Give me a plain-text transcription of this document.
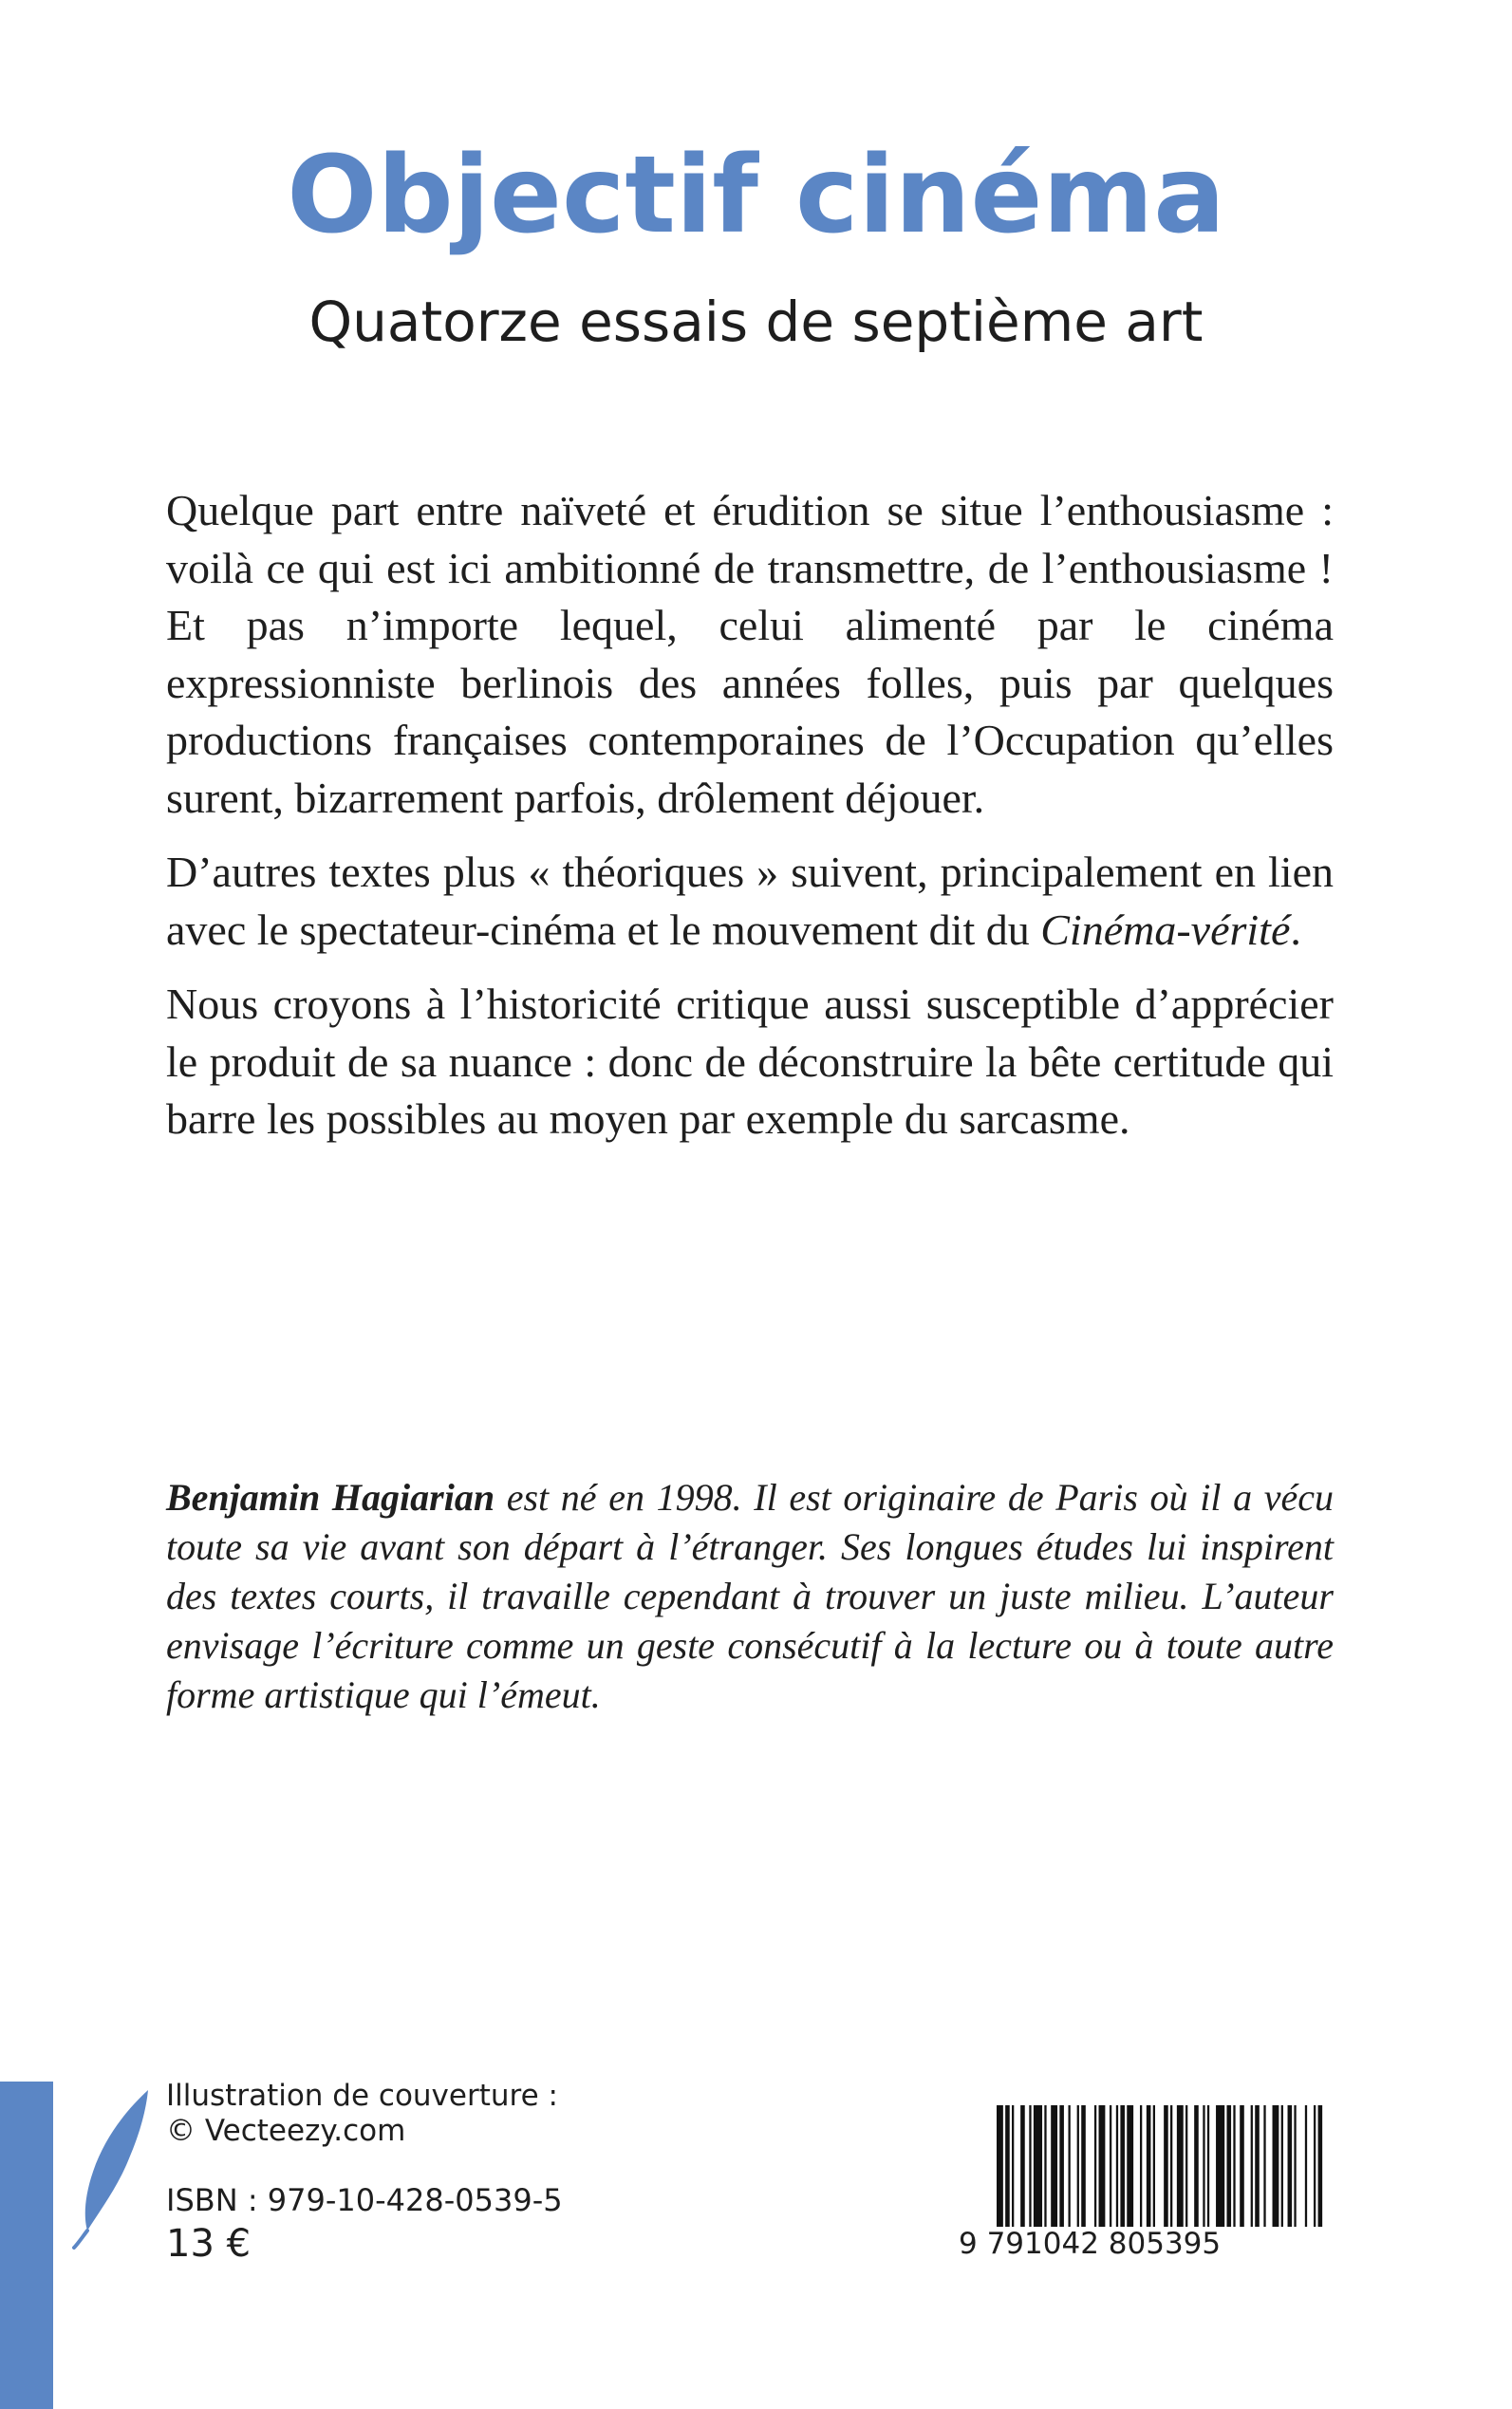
Objectif cinéma
Quatorze essais de septième art

Quelque part entre naïveté et érudition se situe l’enthousiasme : voilà ce qui est ici ambitionné de transmettre, de l’enthousiasme ! Et pas n’importe lequel, celui alimenté par le cinéma expressionniste berlinois des années folles, puis par quelques productions françaises contemporaines de l’Occupation qu’elles surent, bizarrement parfois, drôlement déjouer.

D’autres textes plus « théoriques » suivent, principalement en lien avec le spectateur-cinéma et le mouvement dit du Cinéma-vérité.

Nous croyons à l’historicité critique aussi susceptible d’apprécier le produit de sa nuance : donc de déconstruire la bête certitude qui barre les possibles au moyen par exemple du sarcasme.

Benjamin Hagiarian est né en 1998. Il est originaire de Paris où il a vécu toute sa vie avant son départ à l’étranger. Ses longues études lui inspirent des textes courts, il travaille cependant à trouver un juste milieu. L’auteur envisage l’écriture comme un geste consécutif à la lecture ou à toute autre forme artistique qui l’émeut.
Illustration de couverture :
© Vecteezy.com
ISBN : 979-10-428-0539-5
13 €	9 791042 805395
